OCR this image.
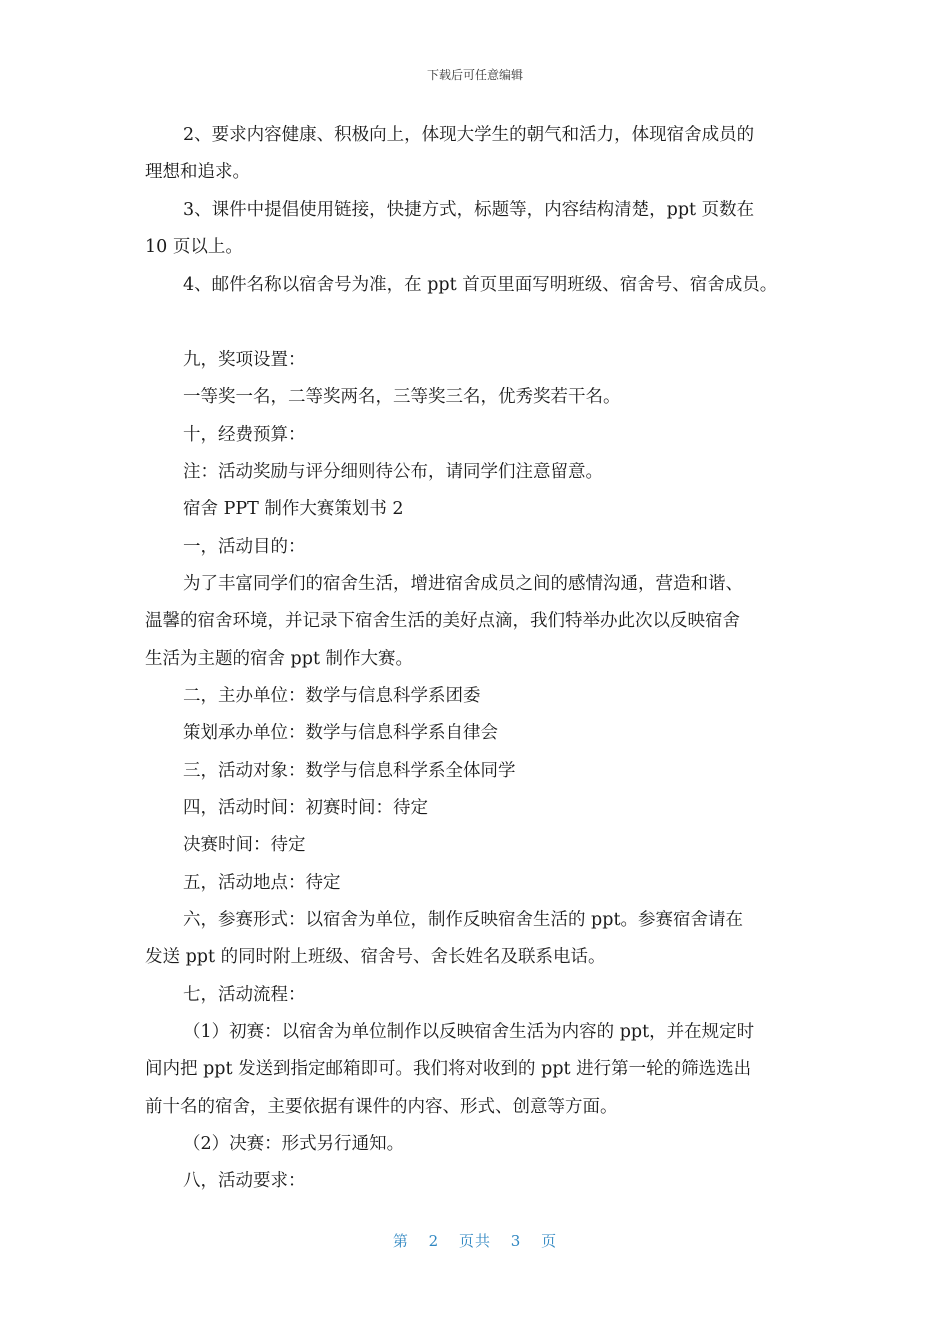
下载后可任意编辑
2、要求内容健康、积极向上，体现大学生的朝气和活力，体现宿舍成员的
理想和追求。
3、课件中提倡使用链接，快捷方式，标题等，内容结构清楚，ppt 页数在
10 页以上。
4、邮件名称以宿舍号为准，在 ppt 首页里面写明班级、宿舍号、宿舍成员。
九，奖项设置：
一等奖一名，二等奖两名，三等奖三名，优秀奖若干名。
十，经费预算：
注：活动奖励与评分细则待公布，请同学们注意留意。
宿舍 PPT 制作大赛策划书 2
一，活动目的：
为了丰富同学们的宿舍生活，增进宿舍成员之间的感情沟通，营造和谐、
温馨的宿舍环境，并记录下宿舍生活的美好点滴，我们特举办此次以反映宿舍
生活为主题的宿舍 ppt 制作大赛。
二，主办单位：数学与信息科学系团委
策划承办单位：数学与信息科学系自律会
三，活动对象：数学与信息科学系全体同学
四，活动时间：初赛时间：待定
决赛时间：待定
五，活动地点：待定
六，参赛形式：以宿舍为单位，制作反映宿舍生活的 ppt。参赛宿舍请在
发送 ppt 的同时附上班级、宿舍号、舍长姓名及联系电话。
七，活动流程：
（1）初赛：以宿舍为单位制作以反映宿舍生活为内容的 ppt，并在规定时
间内把 ppt 发送到指定邮箱即可。我们将对收到的 ppt 进行第一轮的筛选选出
前十名的宿舍，主要依据有课件的内容、形式、创意等方面。
（2）决赛：形式另行通知。
八，活动要求：
第 2 页共 3 页
